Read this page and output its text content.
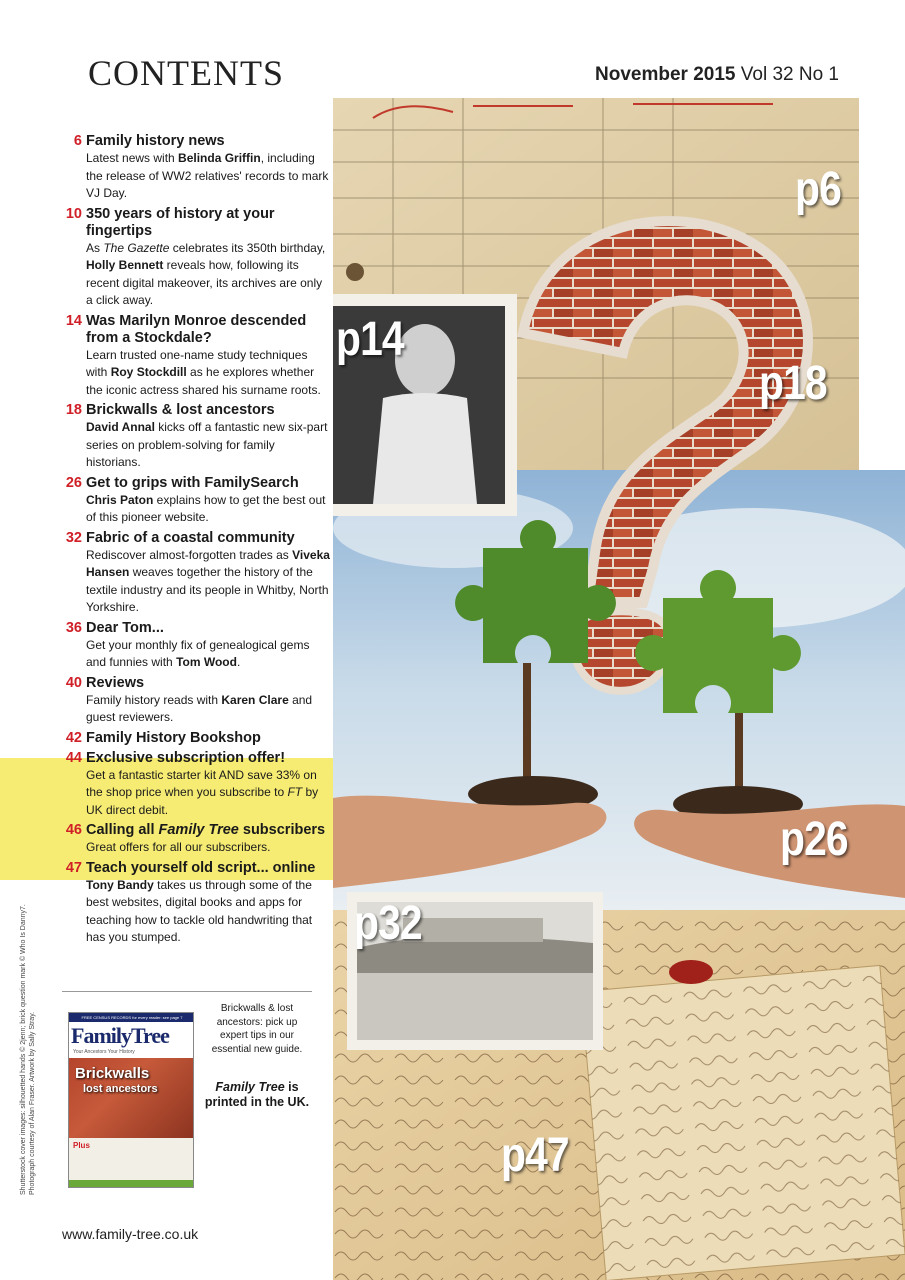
CONTENTS	November 2015 Vol 32 No 1
6 Family history news
Latest news with Belinda Griffin, including the release of WW2 relatives' records to mark VJ Day.
10 350 years of history at your fingertips
As The Gazette celebrates its 350th birthday, Holly Bennett reveals how, following its recent digital makeover, its archives are only a click away.
14 Was Marilyn Monroe descended from a Stockdale?
Learn trusted one-name study techniques with Roy Stockdill as he explores whether the iconic actress shared his surname roots.
18 Brickwalls & lost ancestors
David Annal kicks off a fantastic new six-part series on problem-solving for family historians.
26 Get to grips with FamilySearch
Chris Paton explains how to get the best out of this pioneer website.
32 Fabric of a coastal community
Rediscover almost-forgotten trades as Viveka Hansen weaves together the history of the textile industry and its people in Whitby, North Yorkshire.
36 Dear Tom...
Get your monthly fix of genealogical gems and funnies with Tom Wood.
40 Reviews
Family history reads with Karen Clare and guest reviewers.
42 Family History Bookshop
44 Exclusive subscription offer!
Get a fantastic starter kit AND save 33% on the shop price when you subscribe to FT by UK direct debit.
46 Calling all Family Tree subscribers
Great offers for all our subscribers.
47 Teach yourself old script... online
Tony Bandy takes us through some of the best websites, digital books and apps for teaching how to tackle old handwriting that has you stumped.
Shutterstock cover images: silhouetted hands © 2jenn; brick question mark © Who Is Danny7. Photograph courtesy of Alan Fraser. Artwork by Sally Stray.	FREE CENSUS RECORDS for every reader: see page 7
FamilyTree
Your Ancestors Your History
Brickwalls
lost ancestors
Plus
Brickwalls & lost ancestors: pick up expert tips in our essential new guide.
Family Tree is printed in the UK.
www.family-tree.co.uk
p6
p14
p18
p26
p32
p47
